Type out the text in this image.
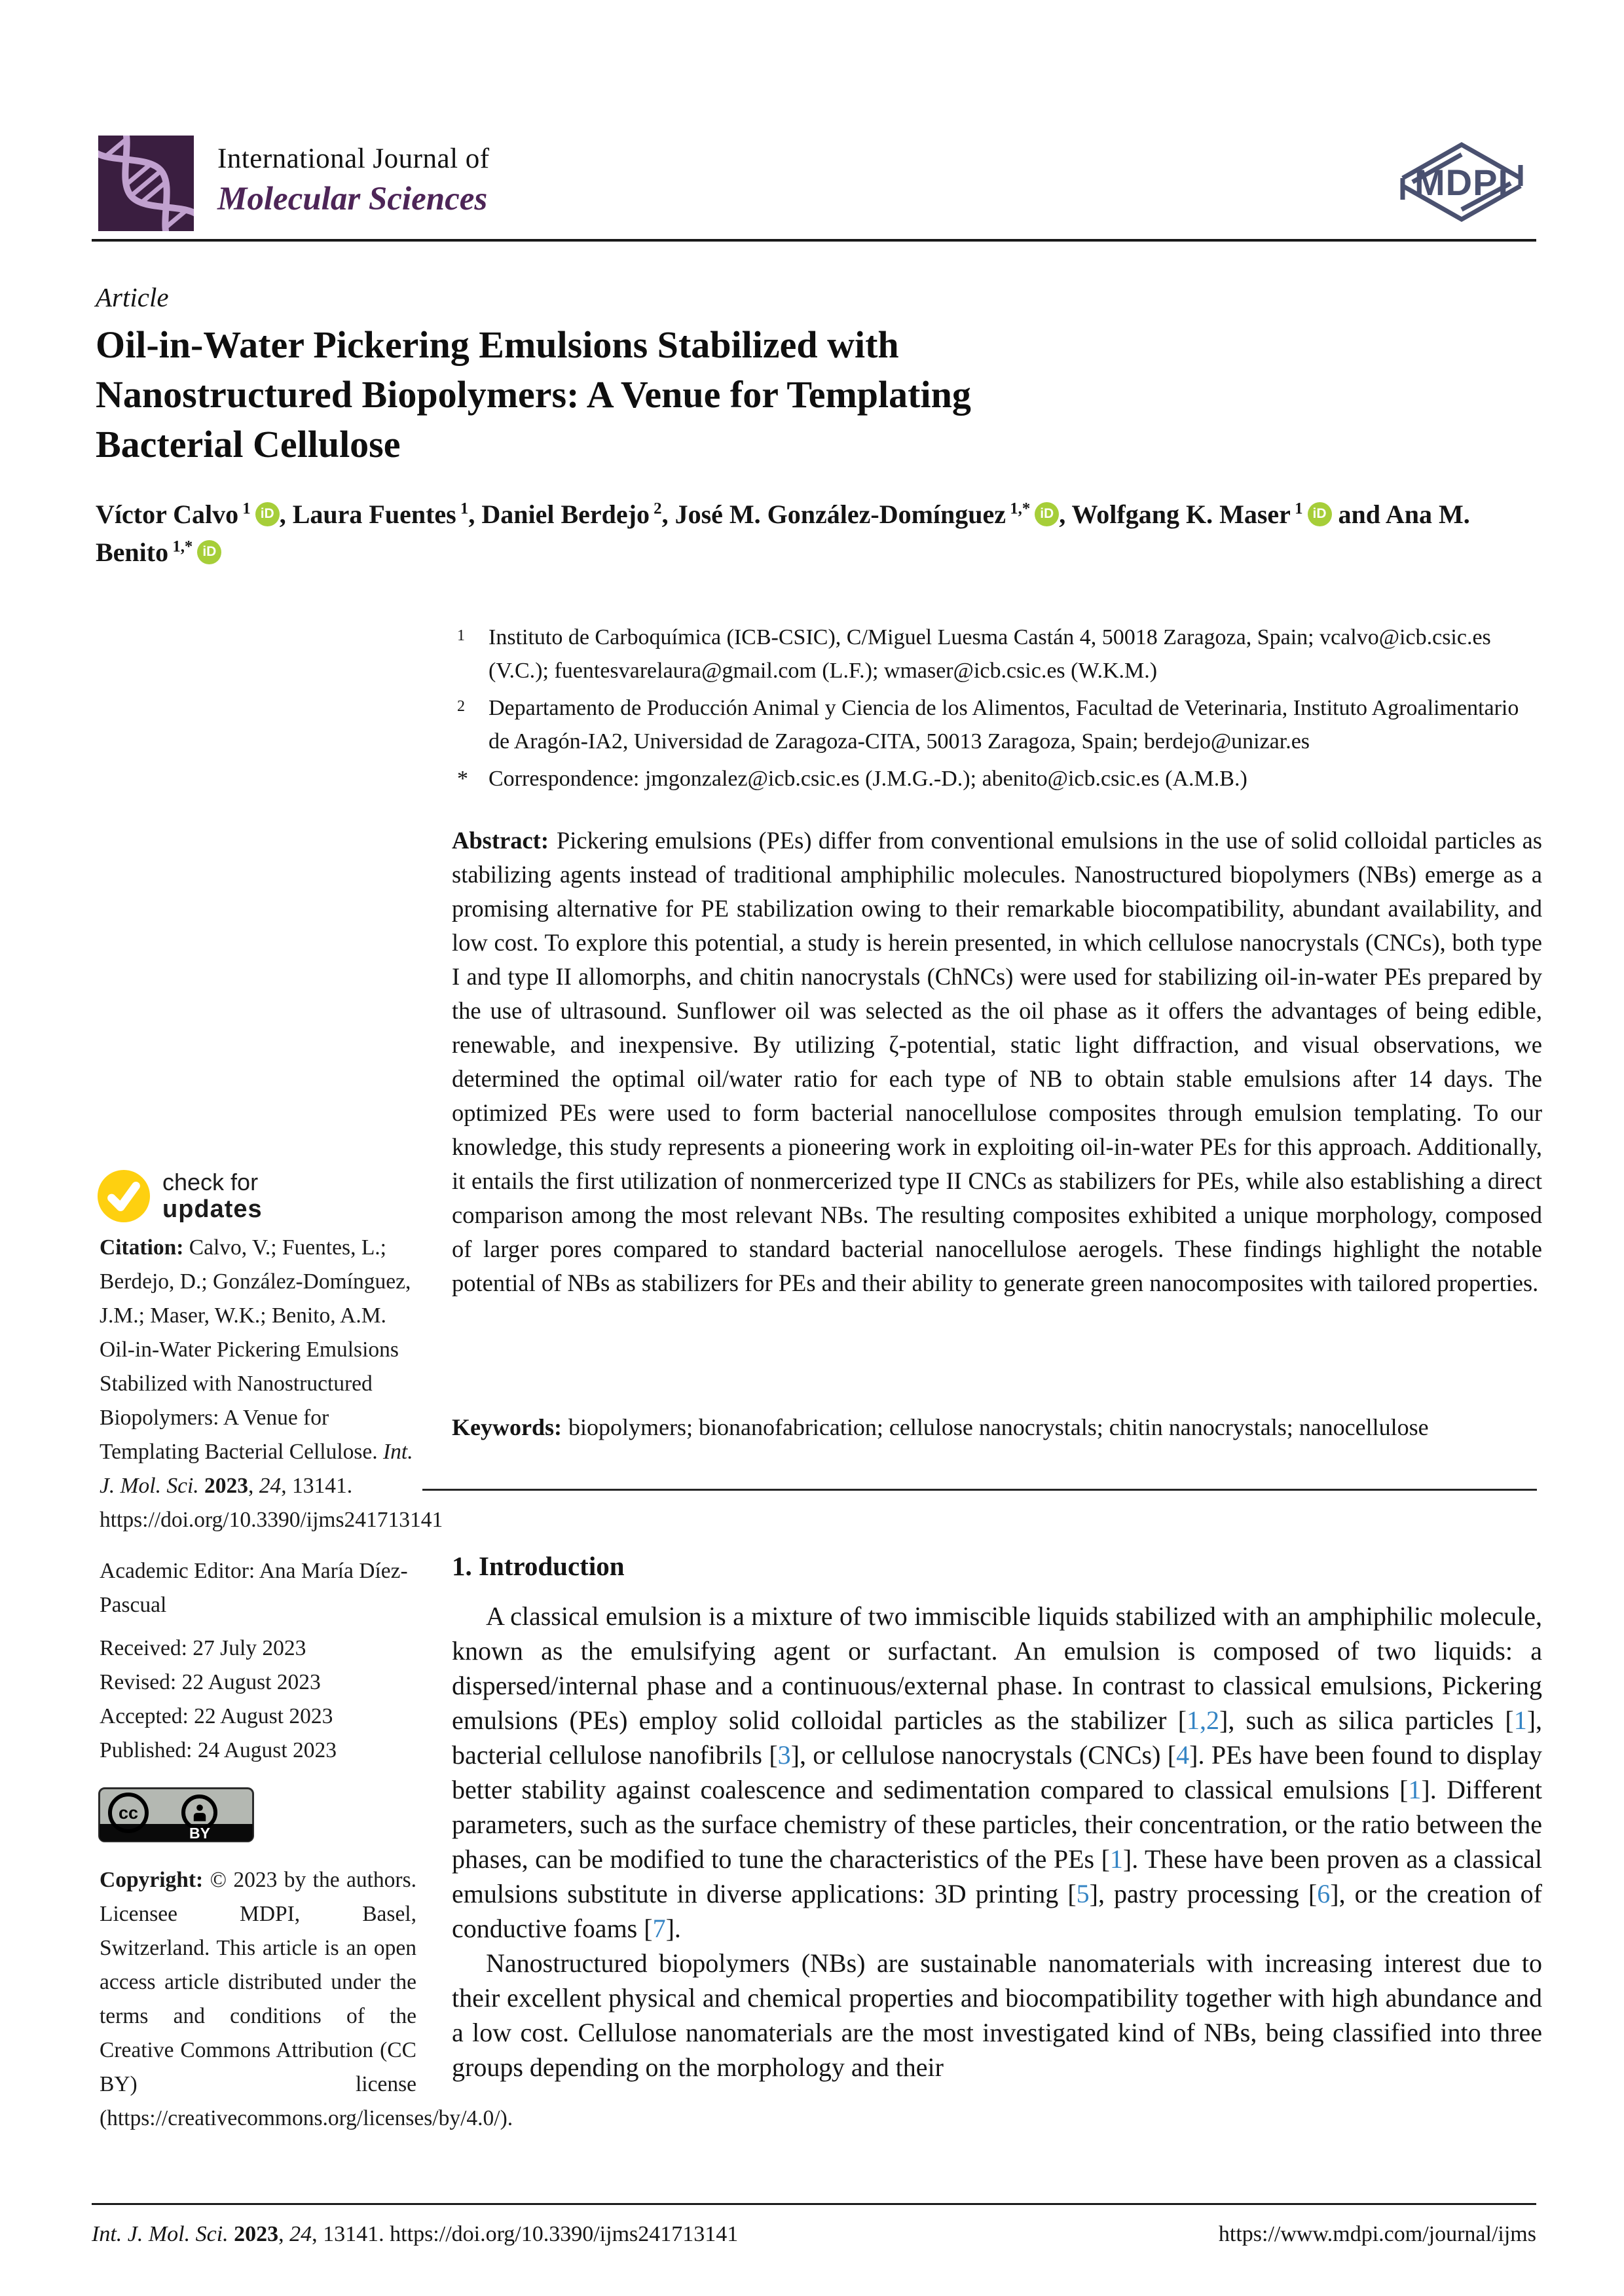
International Journal of
Molecular Sciences	MDPI
Article
Oil-in-Water Pickering Emulsions Stabilized with
Nanostructured Biopolymers: A Venue for Templating
Bacterial Cellulose
Víctor Calvo $^1$ iD , Laura Fuentes $^1$, Daniel Berdejo $^2$, José M. González-Domínguez $^{1,*}$ iD , Wolfgang K. Maser $^1$ iD and Ana M. Benito $^{1,*}$ iD
1 Instituto de Carboquímica (ICB-CSIC), C/Miguel Luesma Castán 4, 50018 Zaragoza, Spain; vcalvo@icb.csic.es (V.C.); fuentesvarelaura@gmail.com (L.F.); wmaser@icb.csic.es (W.K.M.)
2 Departamento de Producción Animal y Ciencia de los Alimentos, Facultad de Veterinaria, Instituto Agroalimentario de Aragón-IA2, Universidad de Zaragoza-CITA, 50013 Zaragoza, Spain; berdejo@unizar.es
* Correspondence: jmgonzalez@icb.csic.es (J.M.G.-D.); abenito@icb.csic.es (A.M.B.)
Abstract: Pickering emulsions (PEs) differ from conventional emulsions in the use of solid colloidal particles as stabilizing agents instead of traditional amphiphilic molecules. Nanostructured biopolymers (NBs) emerge as a promising alternative for PE stabilization owing to their remarkable biocompatibility, abundant availability, and low cost. To explore this potential, a study is herein presented, in which cellulose nanocrystals (CNCs), both type I and type II allomorphs, and chitin nanocrystals (ChNCs) were used for stabilizing oil-in-water PEs prepared by the use of ultrasound. Sunflower oil was selected as the oil phase as it offers the advantages of being edible, renewable, and inexpensive. By utilizing ζ-potential, static light diffraction, and visual observations, we determined the optimal oil/water ratio for each type of NB to obtain stable emulsions after 14 days. The optimized PEs were used to form bacterial nanocellulose composites through emulsion templating. To our knowledge, this study represents a pioneering work in exploiting oil-in-water PEs for this approach. Additionally, it entails the first utilization of nonmercerized type II CNCs as stabilizers for PEs, while also establishing a direct comparison among the most relevant NBs. The resulting composites exhibited a unique morphology, composed of larger pores compared to standard bacterial nanocellulose aerogels. These findings highlight the notable potential of NBs as stabilizers for PEs and their ability to generate green nanocomposites with tailored properties.
Keywords: biopolymers; bionanofabrication; cellulose nanocrystals; chitin nanocrystals; nanocellulose
1. Introduction

A classical emulsion is a mixture of two immiscible liquids stabilized with an amphiphilic molecule, known as the emulsifying agent or surfactant. An emulsion is composed of two liquids: a dispersed/internal phase and a continuous/external phase. In contrast to classical emulsions, Pickering emulsions (PEs) employ solid colloidal particles as the stabilizer [1,2], such as silica particles [1], bacterial cellulose nanofibrils [3], or cellulose nanocrystals (CNCs) [4]. PEs have been found to display better stability against coalescence and sedimentation compared to classical emulsions [1]. Different parameters, such as the surface chemistry of these particles, their concentration, or the ratio between the phases, can be modified to tune the characteristics of the PEs [1]. These have been proven as a classical emulsions substitute in diverse applications: 3D printing [5], pastry processing [6], or the creation of conductive foams [7].

Nanostructured biopolymers (NBs) are sustainable nanomaterials with increasing interest due to their excellent physical and chemical properties and biocompatibility together with high abundance and a low cost. Cellulose nanomaterials are the most investigated kind of NBs, being classified into three groups depending on the morphology and their

check for
updates
Citation: Calvo, V.; Fuentes, L.; Berdejo, D.; González-Domínguez, J.M.; Maser, W.K.; Benito, A.M. Oil-in-Water Pickering Emulsions Stabilized with Nanostructured Biopolymers: A Venue for Templating Bacterial Cellulose. Int. J. Mol. Sci. 2023, 24, 13141. https://doi.org/10.3390/ijms241713141
Academic Editor: Ana María Díez-Pascual
Received: 27 July 2023
Revised: 22 August 2023
Accepted: 22 August 2023
Published: 24 August 2023
cc
BY
Copyright: © 2023 by the authors. Licensee MDPI, Basel, Switzerland. This article is an open access article distributed under the terms and conditions of the Creative Commons Attribution (CC BY) license (https://creativecommons.org/licenses/by/4.0/).
Int. J. Mol. Sci. 2023, 24, 13141. https://doi.org/10.3390/ijms241713141	https://www.mdpi.com/journal/ijms
